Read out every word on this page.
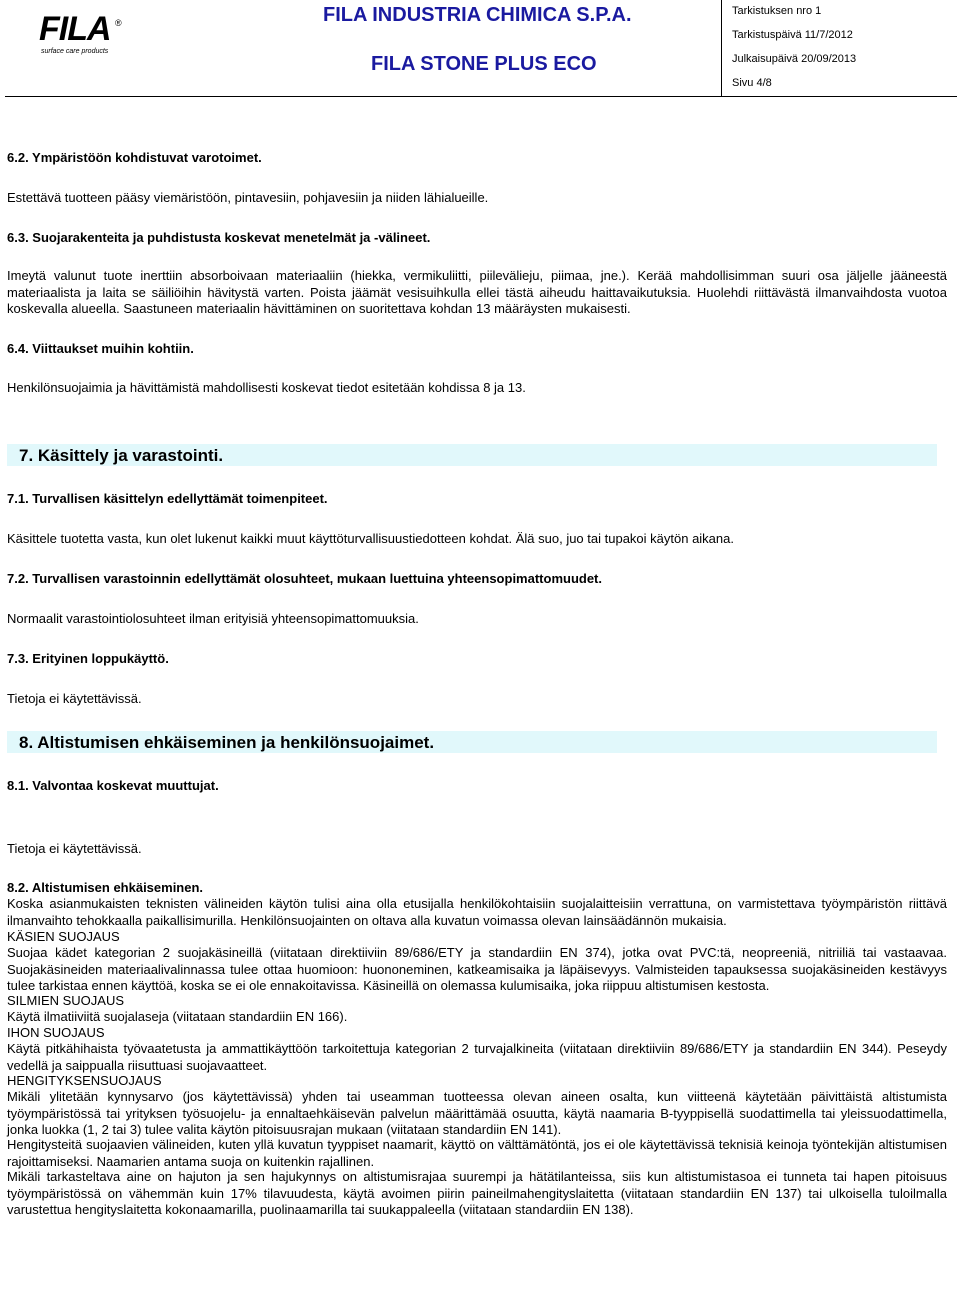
FILA ®
surface care products
FILA INDUSTRIA CHIMICA S.P.A.
FILA STONE PLUS ECO
Tarkistuksen nro 1
Tarkistuspäivä 11/7/2012
Julkaisupäivä 20/09/2013
Sivu 4/8
6.2. Ympäristöön kohdistuvat varotoimet.
Estettävä tuotteen pääsy viemäristöön, pintavesiin, pohjavesiin ja niiden lähialueille.
6.3. Suojarakenteita ja puhdistusta koskevat menetelmät ja -välineet.
Imeytä valunut tuote inerttiin absorboivaan materiaaliin (hiekka, vermikuliitti, piilevälieju, piimaa, jne.). Kerää mahdollisimman suuri osa jäljelle jääneestä materiaalista ja laita se säiliöihin hävitystä varten. Poista jäämät vesisuihkulla ellei tästä aiheudu haittavaikutuksia. Huolehdi riittävästä ilmanvaihdosta vuotoa koskevalla alueella. Saastuneen materiaalin hävittäminen on suoritettava kohdan 13 määräysten mukaisesti.
6.4. Viittaukset muihin kohtiin.
Henkilönsuojaimia ja hävittämistä mahdollisesti koskevat tiedot esitetään kohdissa 8 ja 13.
7. Käsittely ja varastointi.
7.1. Turvallisen käsittelyn edellyttämät toimenpiteet.
Käsittele tuotetta vasta, kun olet lukenut kaikki muut käyttöturvallisuustiedotteen kohdat. Älä suo, juo tai tupakoi käytön aikana.
7.2. Turvallisen varastoinnin edellyttämät olosuhteet, mukaan luettuina yhteensopimattomuudet.
Normaalit varastointiolosuhteet ilman erityisiä yhteensopimattomuuksia.
7.3. Erityinen loppukäyttö.
Tietoja ei käytettävissä.
8. Altistumisen ehkäiseminen ja henkilönsuojaimet.
8.1. Valvontaa koskevat muuttujat.
Tietoja ei käytettävissä.
8.2. Altistumisen ehkäiseminen.
Koska asianmukaisten teknisten välineiden käytön tulisi aina olla etusijalla henkilökohtaisiin suojalaitteisiin verrattuna, on varmistettava työympäristön riittävä ilmanvaihto tehokkaalla paikallisimurilla. Henkilönsuojainten on oltava alla kuvatun voimassa olevan lainsäädännön mukaisia.
KÄSIEN SUOJAUS
Suojaa kädet kategorian 2 suojakäsineillä (viitataan direktiiviin 89/686/ETY ja standardiin EN 374), jotka ovat PVC:tä, neopreeniä, nitriiliä tai vastaavaa. Suojakäsineiden materiaalivalinnassa tulee ottaa huomioon: huononeminen, katkeamisaika ja läpäisevyys. Valmisteiden tapauksessa suojakäsineiden kestävyys tulee tarkistaa ennen käyttöä, koska se ei ole ennakoitavissa. Käsineillä on olemassa kulumisaika, joka riippuu altistumisen kestosta.
SILMIEN SUOJAUS
Käytä ilmatiiviitä suojalaseja (viitataan standardiin EN 166).
IHON SUOJAUS
Käytä pitkähihaista työvaatetusta ja ammattikäyttöön tarkoitettuja kategorian 2 turvajalkineita (viitataan direktiiviin 89/686/ETY ja standardiin EN 344). Peseydy vedellä ja saippualla riisuttuasi suojavaatteet.
HENGITYKSENSUOJAUS
Mikäli ylitetään kynnysarvo (jos käytettävissä) yhden tai useamman tuotteessa olevan aineen osalta, kun viitteenä käytetään päivittäistä altistumista työympäristössä tai yrityksen työsuojelu- ja ennaltaehkäisevän palvelun määrittämää osuutta, käytä naamaria B-tyyppisellä suodattimella tai yleissuodattimella, jonka luokka (1, 2 tai 3) tulee valita käytön pitoisuusrajan mukaan (viitataan standardiin EN 141).
Hengitysteitä suojaavien välineiden, kuten yllä kuvatun tyyppiset naamarit, käyttö on välttämätöntä, jos ei ole käytettävissä teknisiä keinoja työntekijän altistumisen rajoittamiseksi. Naamarien antama suoja on kuitenkin rajallinen.
Mikäli tarkasteltava aine on hajuton ja sen hajukynnys on altistumisrajaa suurempi ja hätätilanteissa, siis kun altistumistasoa ei tunneta tai hapen pitoisuus työympäristössä on vähemmän kuin 17% tilavuudesta, käytä avoimen piirin paineilmahengityslaitetta (viitataan standardiin EN 137) tai ulkoisella tuloilmalla varustettua hengityslaitetta kokonaamarilla, puolinaamarilla tai suukappaleella (viitataan standardiin EN 138).
